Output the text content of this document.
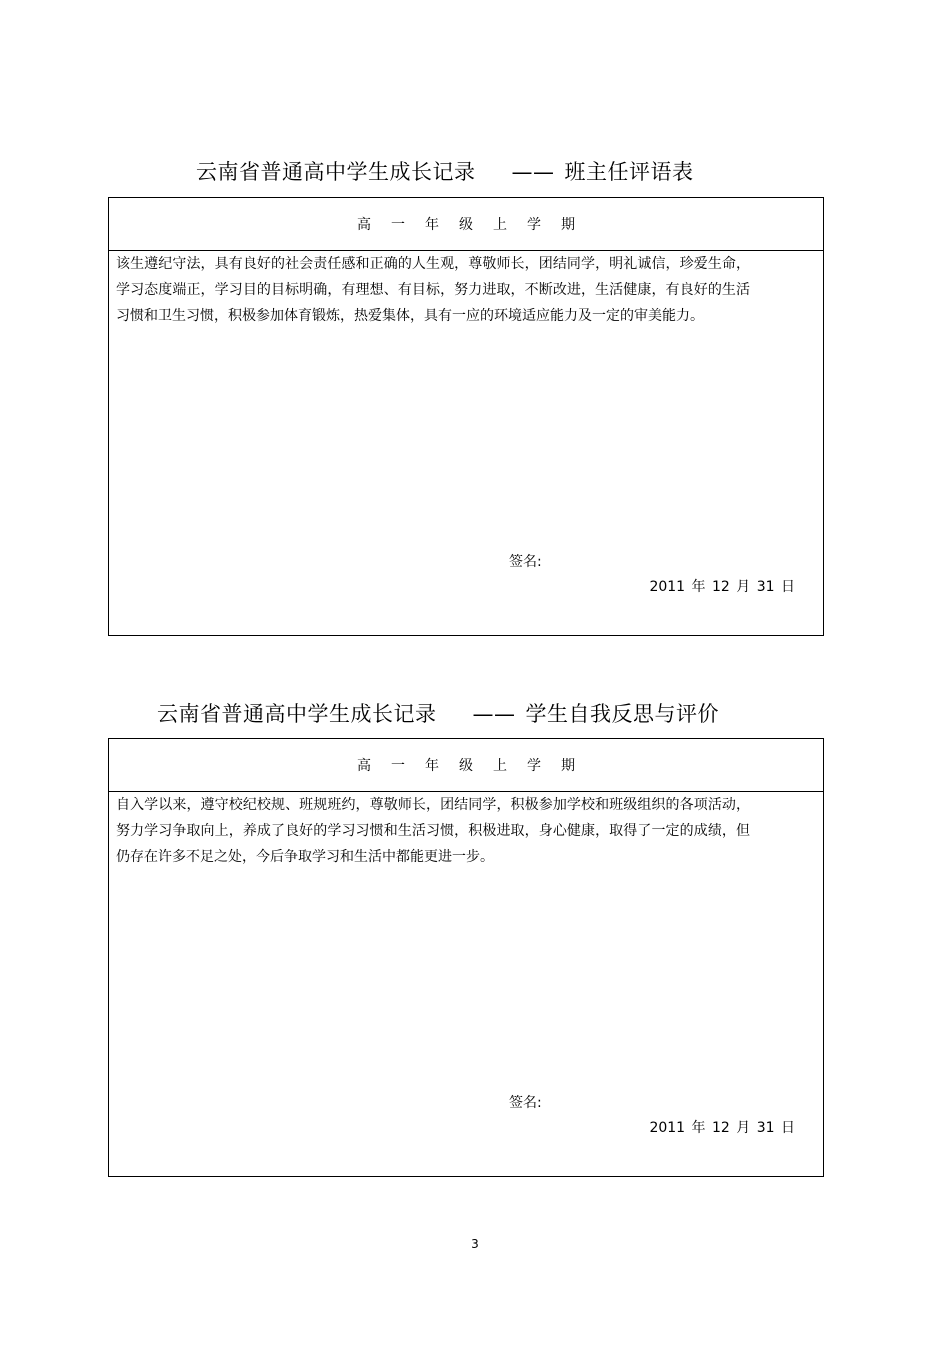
云南省普通高中学生成长记录 —— 班主任评语表
高 一 年 级 上 学 期
该生遵纪守法，具有良好的社会责任感和正确的人生观，尊敬师长，团结同学，明礼诚信，珍爱生命，学习态度端正，学习目的目标明确，有理想、有目标，努力进取，不断改进，生活健康，有良好的生活习惯和卫生习惯，积极参加体育锻炼，热爱集体，具有一应的环境适应能力及一定的审美能力。
签名:
2011 年 12 月 31 日
云南省普通高中学生成长记录 —— 学生自我反思与评价
高 一 年 级 上 学 期
自入学以来，遵守校纪校规、班规班约，尊敬师长，团结同学，积极参加学校和班级组织的各项活动，努力学习争取向上，养成了良好的学习习惯和生活习惯，积极进取，身心健康，取得了一定的成绩，但仍存在许多不足之处，今后争取学习和生活中都能更进一步。
签名:
2011 年 12 月 31 日
3
